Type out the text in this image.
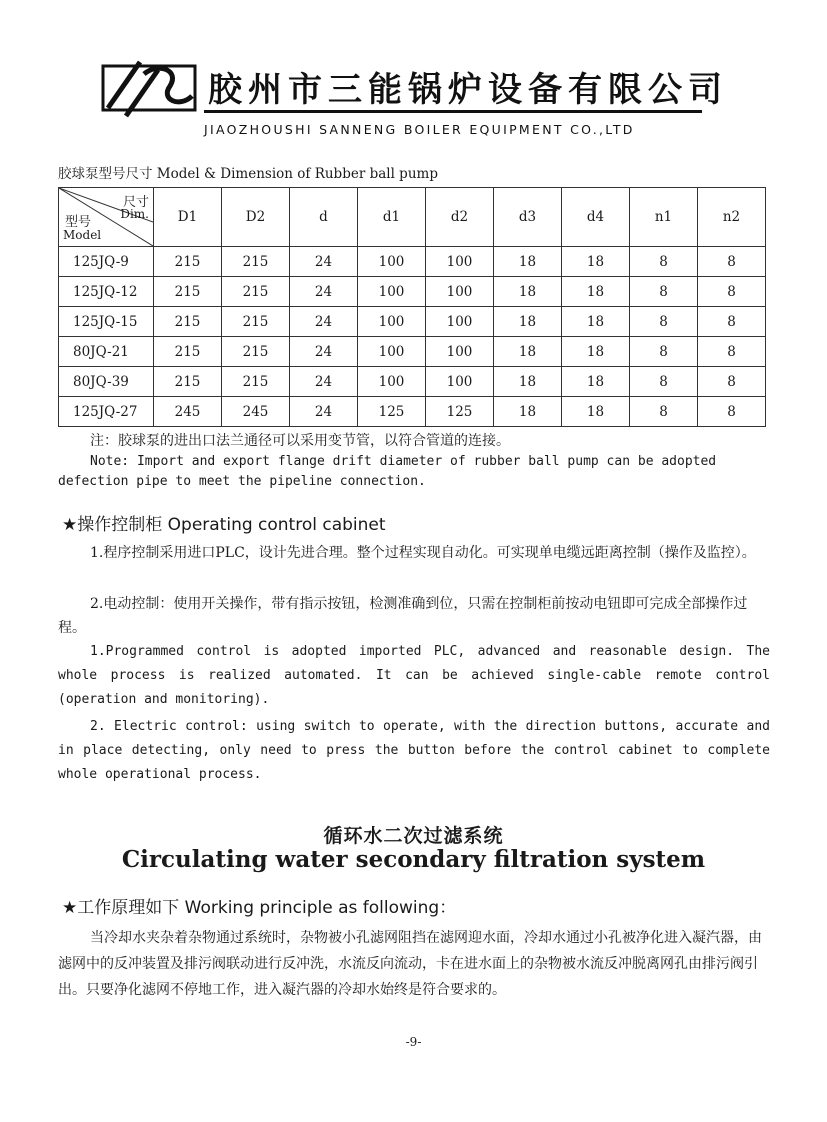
胶州市三能锅炉设备有限公司
JIAOZHOUSHI SANNENG BOILER EQUIPMENT CO.,LTD
胶球泵型号尺寸 Model & Dimension of Rubber ball pump
尺寸
Dim.
型号
Model	D1	D2	d	d1	d2	d3	d4	n1	n2
125JQ-9	215	215	24	100	100	18	18	8	8
125JQ-12	215	215	24	100	100	18	18	8	8
125JQ-15	215	215	24	100	100	18	18	8	8
80JQ-21	215	215	24	100	100	18	18	8	8
80JQ-39	215	215	24	100	100	18	18	8	8
125JQ-27	245	245	24	125	125	18	18	8	8
注：胶球泵的进出口法兰通径可以采用变节管，以符合管道的连接。
Note: Import and export flange drift diameter of rubber ball pump can be adopted defection pipe to meet the pipeline connection.
★操作控制柜 Operating control cabinet
1.程序控制采用进口PLC，设计先进合理。整个过程实现自动化。可实现单电缆远距离控制（操作及监控）。
2.电动控制：使用开关操作，带有指示按钮，检测准确到位，只需在控制柜前按动电钮即可完成全部操作过程。
1.Programmed control is adopted imported PLC, advanced and reasonable design. The whole process is realized automated. It can be achieved single-cable remote control (operation and monitoring).
2. Electric control: using switch to operate, with the direction buttons, accurate and in place detecting, only need to press the button before the control cabinet to complete whole operational process.
循环水二次过滤系统
Circulating water secondary filtration system
★工作原理如下 Working principle as following：
当冷却水夹杂着杂物通过系统时，杂物被小孔滤网阻挡在滤网迎水面，冷却水通过小孔被净化进入凝汽器，由滤网中的反冲装置及排污阀联动进行反冲洗，水流反向流动，卡在进水面上的杂物被水流反冲脱离网孔由排污阀引出。只要净化滤网不停地工作，进入凝汽器的冷却水始终是符合要求的。
-9-
